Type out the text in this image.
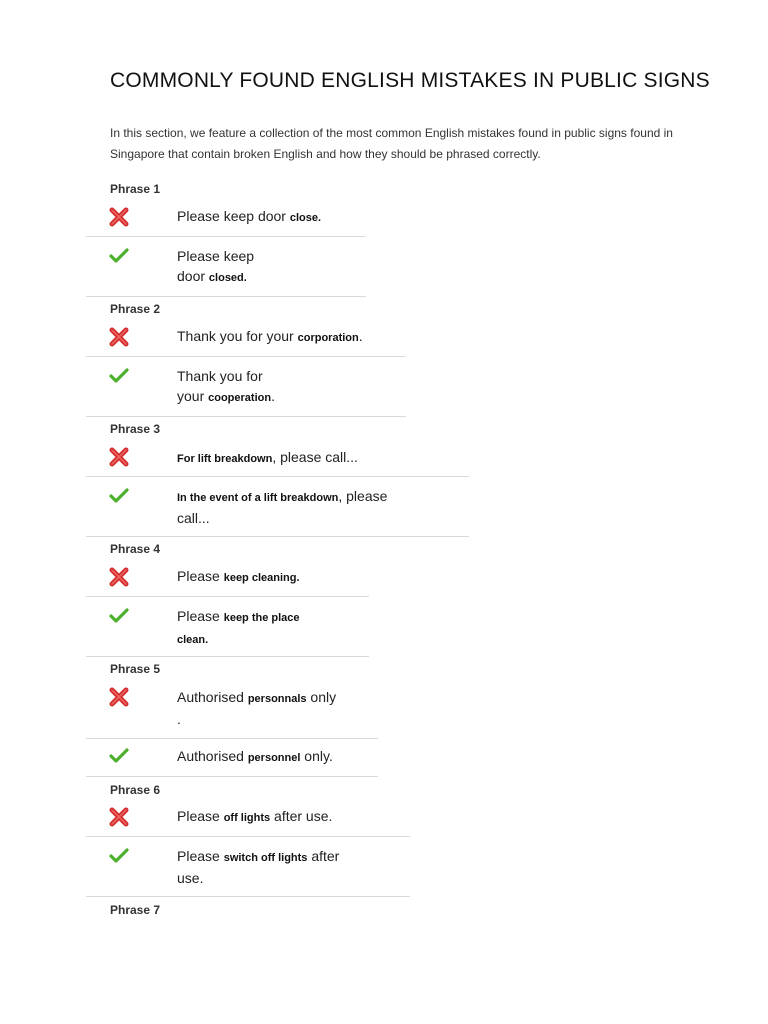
COMMONLY FOUND ENGLISH MISTAKES IN PUBLIC SIGNS
In this section, we feature a collection of the most common English mistakes found in public signs found in Singapore that contain broken English and how they should be phrased correctly.
Phrase 1
Please keep door close.
Please keep
door closed.
Phrase 2
Thank you for your corporation.
Thank you for
your cooperation.
Phrase 3
For lift breakdown, please call...
In the event of a lift breakdown, please
call...
Phrase 4
Please keep cleaning.
Please keep the place
clean.
Phrase 5
Authorised personnals only
.
Authorised personnel only.
Phrase 6
Please off lights after use.
Please switch off lights after
use.
Phrase 7
